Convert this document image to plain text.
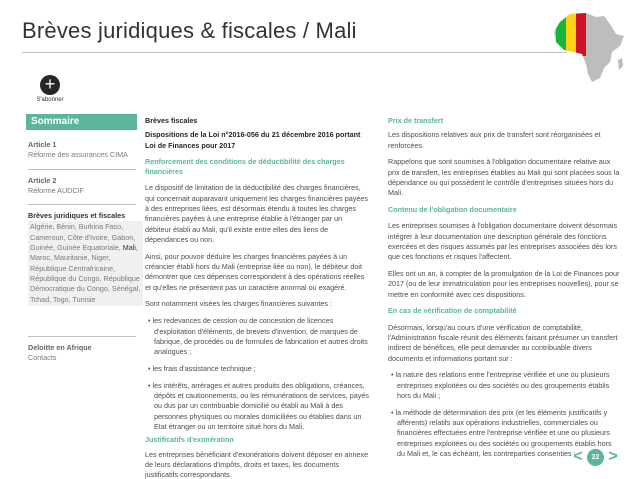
Brèves juridiques & fiscales / Mali
+
S'abonner
Sommaire
Article 1
Réforme des assurances CIMA
Article 2
Réforme AUDCIF
Brèves juridiques et fiscales
Algérie, Bénin, Burkina Faso, Cameroun, Côte d'Ivoire, Gabon, Guinée, Guinée Equatoriale, Mali, Maroc, Mauritanie, Niger, République Centrafricaine, République du Congo, République Démocratique du Congo, Sénégal, Tchad, Togo, Tunisie
Deloitte en Afrique
Contacts
Brèves fiscales
Dispositions de la Loi n°2016-056 du 21 décembre 2016 portant Loi de Finances pour 2017
Renforcement des conditions de déductibilité des charges financières

Le dispositif de limitation de la déductibilité des charges financières, qui concernait auparavant uniquement les charges financières payées à des entreprises liées, est désormais étendu à toutes les charges financières payées à une entreprise établie à l'étranger par un débiteur établi au Mali, qu'il existe entre elles des liens de dépendances ou non.

Ainsi, pour pouvoir déduire les charges financières payées à un créancier établi hors du Mali (entreprise liée ou non), le débiteur doit démontrer que ces dépenses correspondent à des opérations réelles et qu'elles ne présentent pas un caractère anormal ou exagéré.

Sont notamment visées les charges financières suivantes :

• les redevances de cession ou de concession de licences d'exploitation d'éléments, de brevets d'invention, de marques de fabrique, de procédés ou de formules de fabrication et autres droits analogues ;

• les frais d'assistance technique ;

• les intérêts, arrérages et autres produits des obligations, créances, dépôts et cautionnements, ou les rémunérations de services, payés ou dus par un contribuable domicilié ou établi au Mali à des personnes physiques ou morales domiciliées ou établies dans un Etat étranger ou un territoire situé hors du Mali.

Justificatifs d'exonération

Les entreprises bénéficiant d'exonérations doivent déposer en annexe de leurs déclarations d'impôts, droits et taxes, les documents justificatifs correspondants.

Prix de transfert

Les dispositions relatives aux prix de transfert sont réorganisées et renforcées.

Rappelons que sont soumises à l'obligation documentaire relative aux prix de transfert, les entreprises établies au Mali qui sont placées sous la dépendance ou qui possèdent le contrôle d'entreprises situées hors du Mali.

Contenu de l'obligation documentaire

Les entreprises soumises à l'obligation documentaire doivent désormais intégrer à leur documentation une description générale des fonctions exercées et des risques assumés par les entreprises associées dès lors que ces fonctions et risques l'affectent.

Elles ont un an, à compter de la promulgation de la Loi de Finances pour 2017 (ou de leur immatriculation pour les entreprises nouvelles), pour se mettre en conformité avec ces dispositions.

En cas de vérification de comptabilité

Désormais, lorsqu'au cours d'une vérification de comptabilité, l'Administration fiscale réunit des éléments faisant présumer un transfert indirect de bénéfices, elle peut demander au contribuable divers documents et informations portant sur :

• la nature des relations entre l'entreprise vérifiée et une ou plusieurs entreprises exploitées ou des sociétés ou des groupements établis hors du Mali ;

• la méthode de détermination des prix (et les éléments justificatifs y afférents) relatifs aux opérations industrielles, commerciales ou financières effectuées entre l'entreprise vérifiée et une ou plusieurs entreprises exploitées ou des sociétés ou groupements établis hors du Mali et, le cas échéant, les contreparties consenties ;

<	22 >
